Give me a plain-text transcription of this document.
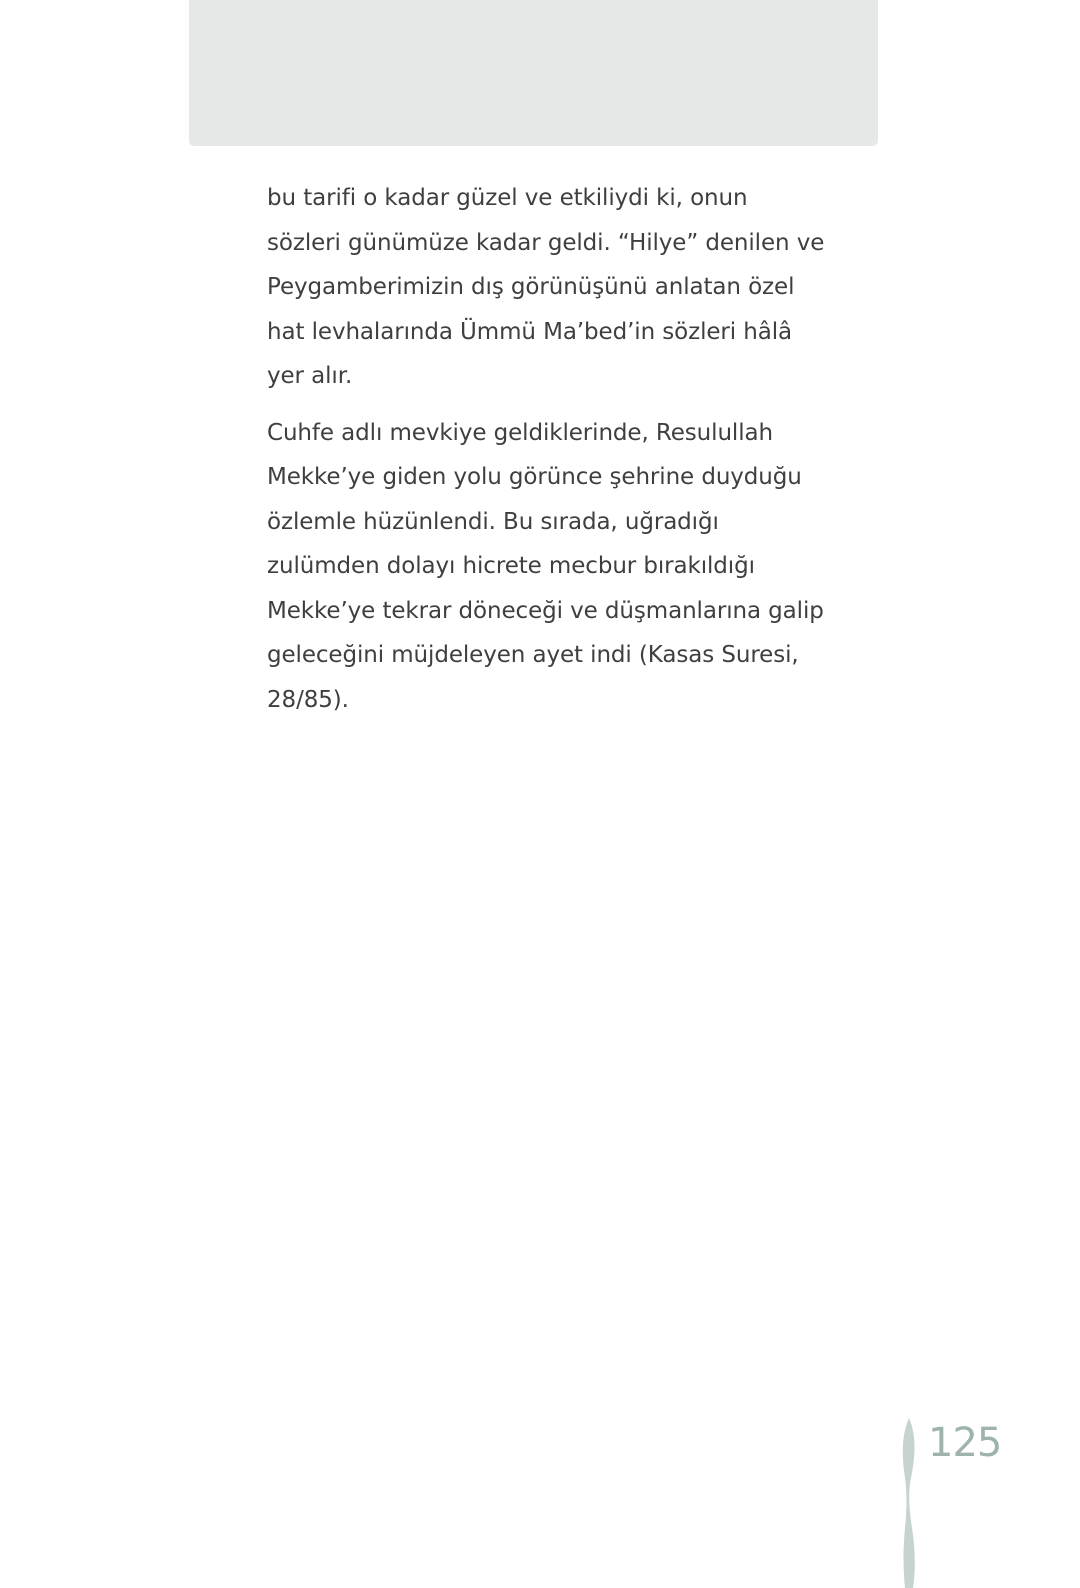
bu tarifi o kadar güzel ve etkiliydi ki, onun
sözleri günümüze kadar geldi. “Hilye” denilen ve
Peygamberimizin dış görünüşünü anlatan özel
hat levhalarında Ümmü Ma’bed’in sözleri hâlâ
yer alır.

Cuhfe adlı mevkiye geldiklerinde, Resulullah
Mekke’ye giden yolu görünce şehrine duyduğu
özlemle hüzünlendi. Bu sırada, uğradığı
zulümden dolayı hicrete mecbur bırakıldığı
Mekke’ye tekrar döneceği ve düşmanlarına galip
geleceğini müjdeleyen ayet indi (Kasas Suresi,
28/85).

125
